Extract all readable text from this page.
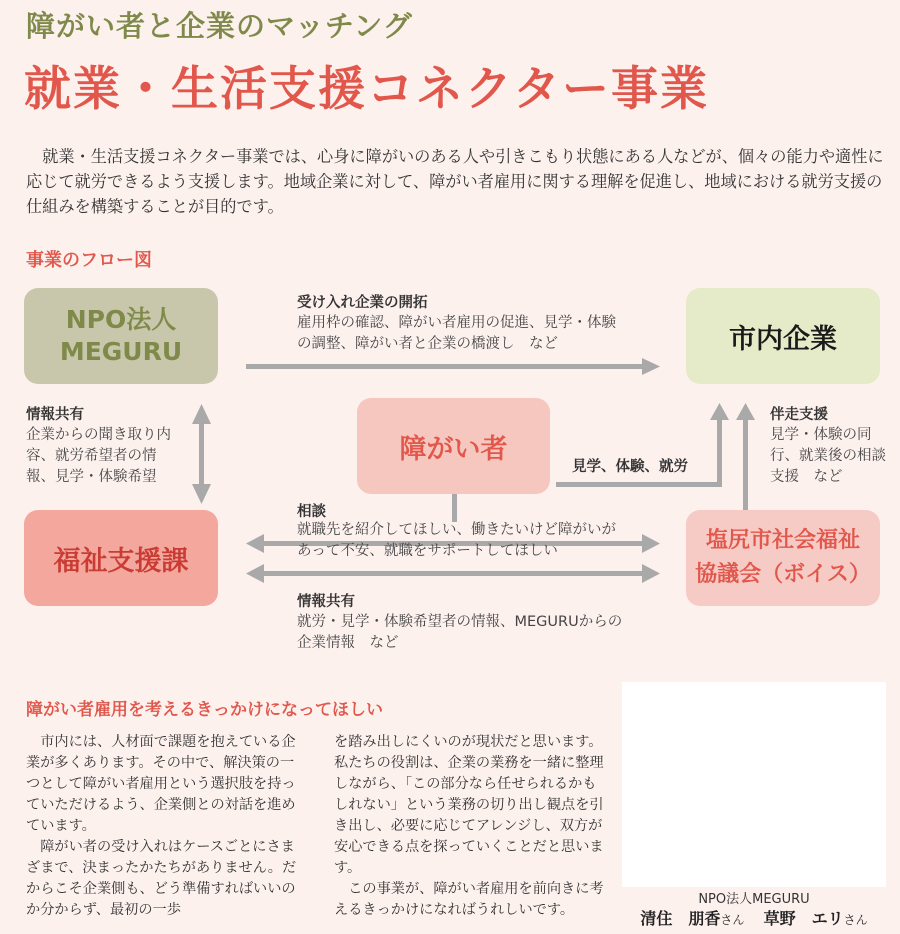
障がい者と企業のマッチング
就業・生活支援コネクター事業
　就業・生活支援コネクター事業では、心身に障がいのある人や引きこもり状態にある人などが、個々の能力や適性に応じて就労できるよう支援します。地域企業に対して、障がい者雇用に関する理解を促進し、地域における就労支援の仕組みを構築することが目的です。
事業のフロー図
NPO法人
MEGURU	市内企業
障がい者
福祉支援課
塩尻市社会福祉
協議会（ボイス）
受け入れ企業の開拓
雇用枠の確認、障がい者雇用の促進、見学・体験の調整、障がい者と企業の橋渡し　など
情報共有
企業からの聞き取り内容、就労希望者の情報、見学・体験希望
伴走支援
見学・体験の同行、就業後の相談支援　など
見学、体験、就労
相談
就職先を紹介してほしい、働きたいけど障がいがあって不安、就職をサポートしてほしい
情報共有
就労・見学・体験希望者の情報、MEGURUからの企業情報　など
障がい者雇用を考えるきっかけになってほしい

市内には、人材面で課題を抱えている企業が多くあります。その中で、解決策の一つとして障がい者雇用という選択肢を持っていただけるよう、企業側との対話を進めています。

障がい者の受け入れはケースごとにさまざまで、決まったかたちがありません。だからこそ企業側も、どう準備すればいいのか分からず、最初の一歩

を踏み出しにくいのが現状だと思います。私たちの役割は、企業の業務を一緒に整理しながら、「この部分なら任せられるかもしれない」という業務の切り出し観点を引き出し、必要に応じてアレンジし、双方が安心できる点を探っていくことだと思います。

この事業が、障がい者雇用を前向きに考えるきっかけになればうれしいです。

NPO法人MEGURU
清住　朋香さん 草野　エリさん
